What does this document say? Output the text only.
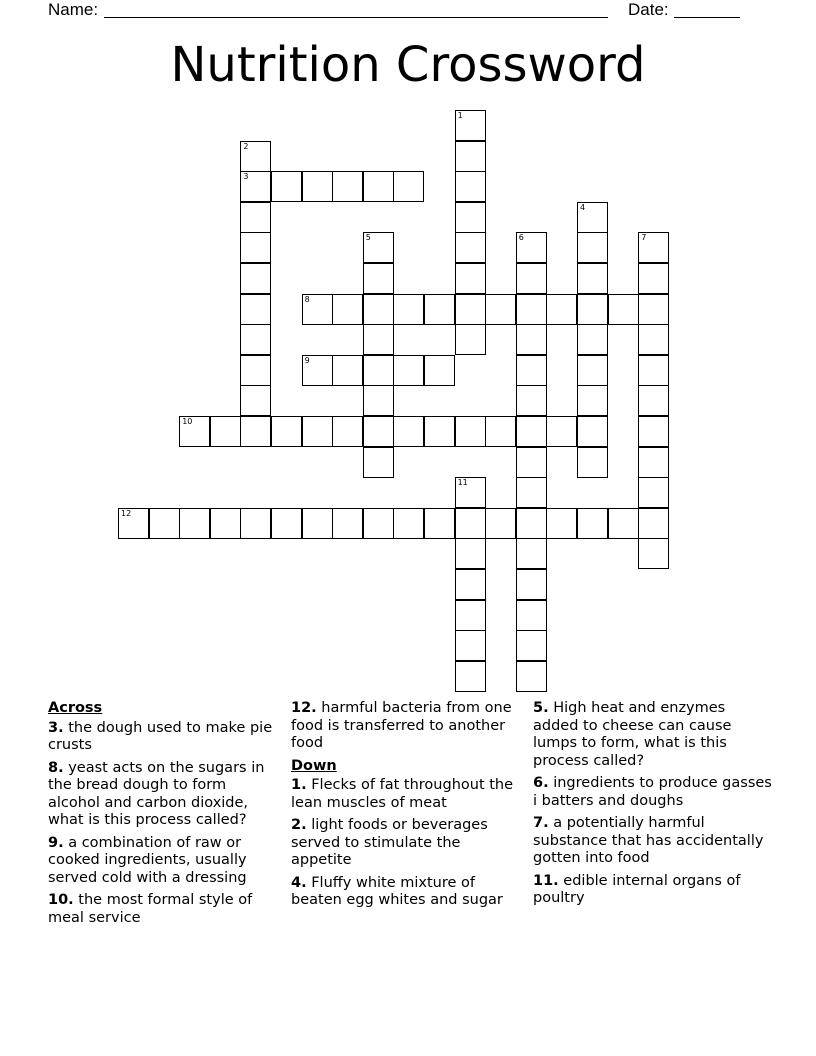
Name:	Date:
Nutrition Crossword
1
2
3
4
5	6	7
8
9
10
11
12
Across
3. the dough used to make pie crusts
8. yeast acts on the sugars in the bread dough to form alcohol and carbon dioxide, what is this process called?
9. a combination of raw or cooked ingredients, usually served cold with a dressing
10. the most formal style of meal service
12. harmful bacteria from one food is transferred to another food
Down
1. Flecks of fat throughout the lean muscles of meat
2. light foods or beverages served to stimulate the appetite
4. Fluffy white mixture of beaten egg whites and sugar
5. High heat and enzymes added to cheese can cause lumps to form, what is this process called?
6. ingredients to produce gasses i batters and doughs
7. a potentially harmful substance that has accidentally gotten into food
11. edible internal organs of poultry
